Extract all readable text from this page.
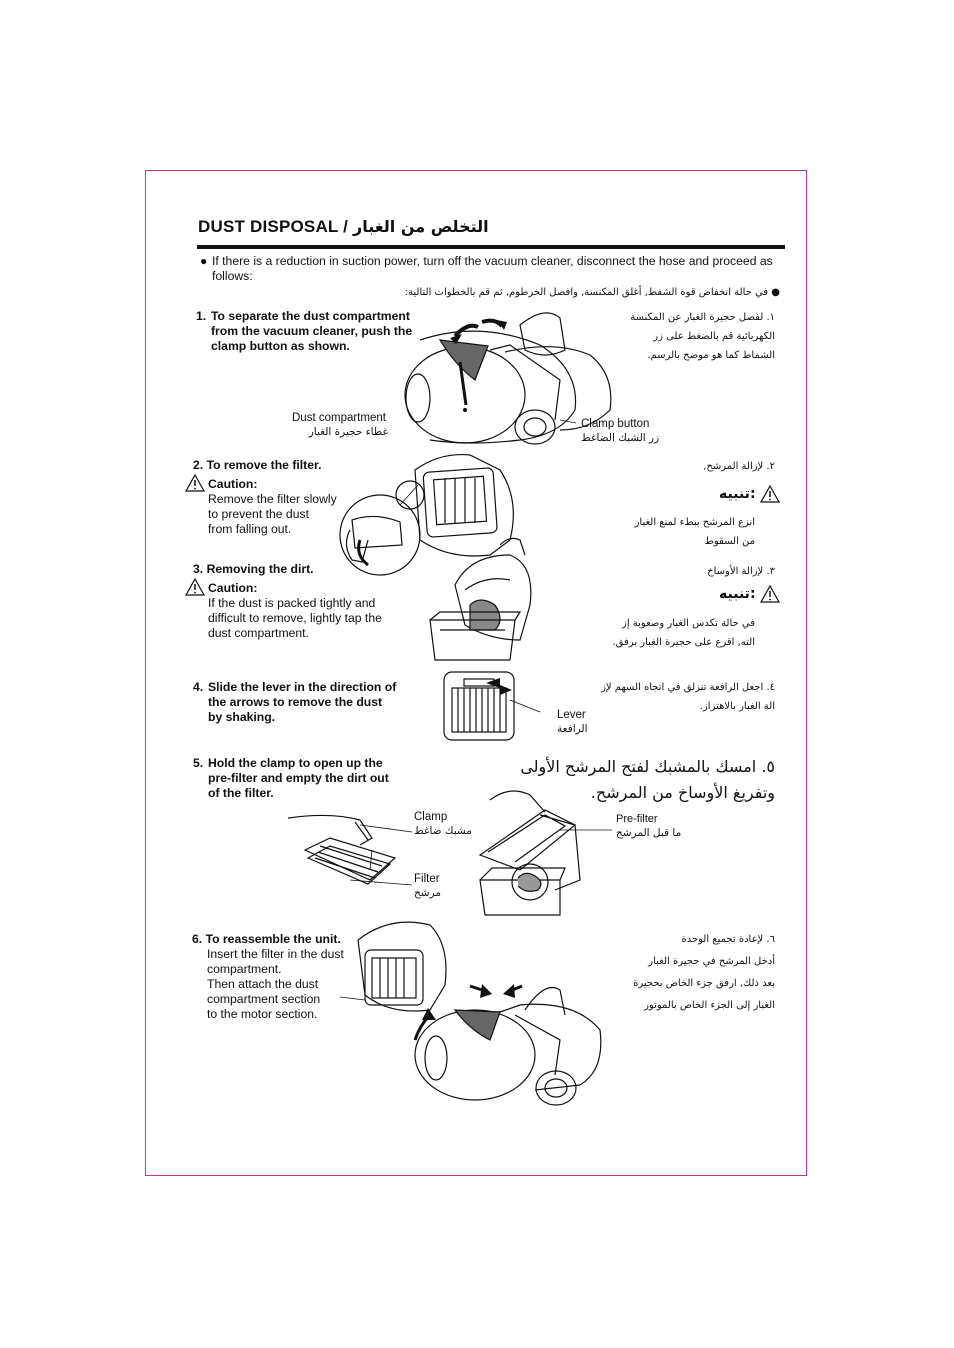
DUST DISPOSAL / التخلص من الغبار
● If there is a reduction in suction power, turn off the vacuum cleaner, disconnect the hose and proceed as follows:
● في حالة انخفاض قوة الشفط, أغلق المكنسة, وافصل الخرطوم, ثم قم بالخطوات التالية:
1. To separate the dust compartment from the vacuum cleaner, push the clamp button as shown.
١. لفصل حجيرة الغبار عن المكنسة
الكهربائية قم بالضغط على زر
الشماط كما هو موضح بالرسم.
Dust compartment
غطاء حجيرة الغبار
Clamp button
زر الشبك الضاغط
2. To remove the filter.
Caution:
Remove the filter slowly
to prevent the dust
from falling out.
٢. لإزالة المرشح,
تنبيه:
انزع المرشح ببطء لمنع الغبار
من السقوط
3. Removing the dirt.
Caution:
If the dust is packed tightly and
difficult to remove, lightly tap the
dust compartment.
٣. لإزالة الأوساخ
تنبيه:
في حالة تكدس الغبار وصعوبة إز
الته, اقرع على حجيرة الغبار برفق.
4. Slide the lever in the direction of
the arrows to remove the dust
by shaking.
٤. اجعل الرافعة تنزلق في اتجاه السهم لإز
الة الغبار بالاهتزاز.
Lever
الرافعة
5. Hold the clamp to open up the
pre-filter and empty the dirt out
of the filter.
٥. امسك بالمشبك لفتح المرشح الأولى
وتفريغ الأوساخ من المرشح.
Clamp
مشبك ضاغط
Filter
مرشح
Pre-filter
ما قبل المرشح
6. To reassemble the unit.
Insert the filter in the dust
compartment.
Then attach the dust
compartment section
to the motor section.
٦. لإعادة تجميع الوحدة
أدخل المرشح في حجيرة الغبار
بعد ذلك, ارفق جزء الخاص بحجيرة
الغبار إلى الجزء الخاص بالموتور
